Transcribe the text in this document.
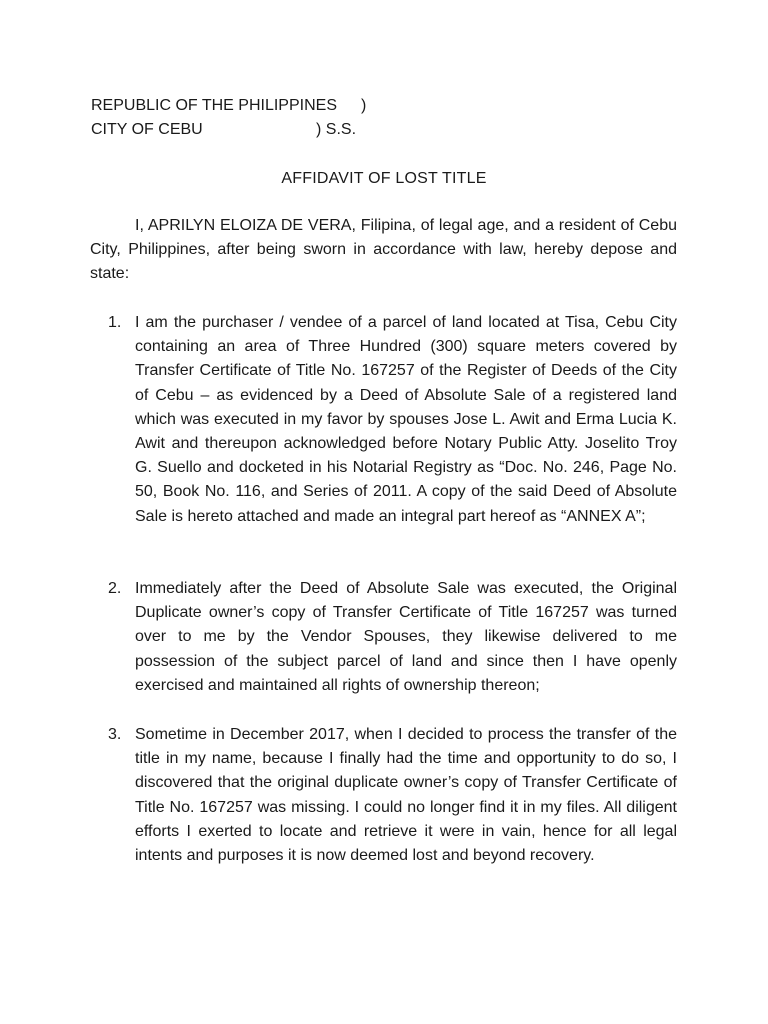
REPUBLIC OF THE PHILIPPINES )
CITY OF CEBU	) S.S.
AFFIDAVIT OF LOST TITLE

I, APRILYN ELOIZA DE VERA, Filipina, of legal age, and a resident of Cebu City, Philippines, after being sworn in accordance with law, hereby depose and state:

1. I am the purchaser / vendee of a parcel of land located at Tisa, Cebu City containing an area of Three Hundred (300) square meters covered by Transfer Certificate of Title No. 167257 of the Register of Deeds of the City of Cebu – as evidenced by a Deed of Absolute Sale of a registered land which was executed in my favor by spouses Jose L. Awit and Erma Lucia K. Awit and thereupon acknowledged before Notary Public Atty. Joselito Troy G. Suello and docketed in his Notarial Registry as “Doc. No. 246, Page No. 50, Book No. 116, and Series of 2011. A copy of the said Deed of Absolute Sale is hereto attached and made an integral part hereof as “ANNEX A”;
2. Immediately after the Deed of Absolute Sale was executed, the Original Duplicate owner’s copy of Transfer Certificate of Title 167257 was turned over to me by the Vendor Spouses, they likewise delivered to me possession of the subject parcel of land and since then I have openly exercised and maintained all rights of ownership thereon;
3. Sometime in December 2017, when I decided to process the transfer of the title in my name, because I finally had the time and opportunity to do so, I discovered that the original duplicate owner’s copy of Transfer Certificate of Title No. 167257 was missing. I could no longer find it in my files. All diligent efforts I exerted to locate and retrieve it were in vain, hence for all legal intents and purposes it is now deemed lost and beyond recovery.
